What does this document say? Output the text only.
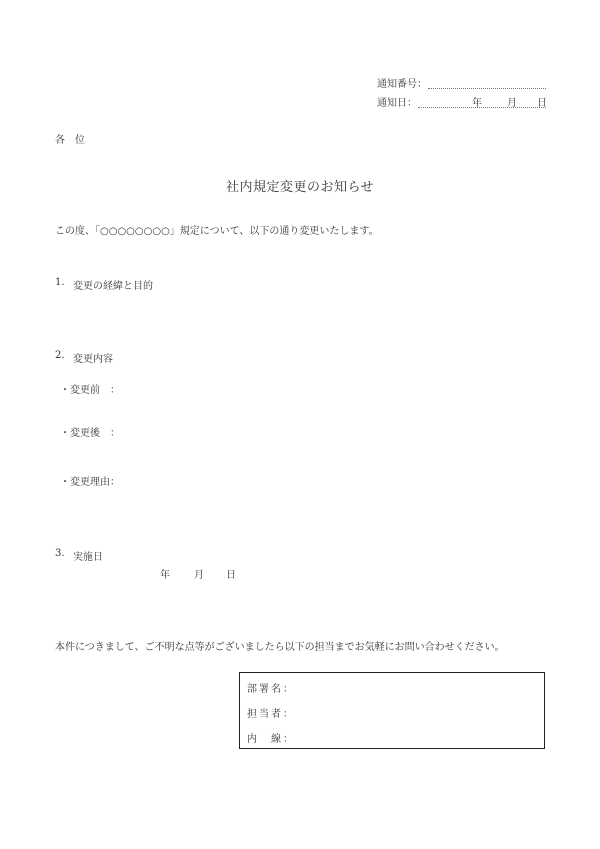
通知番号：
通知日：	年	月 日
各　位
社内規定変更のお知らせ
この度、「○○○○○○○○」規定について、以下の通り変更いたします。
1. 変更の経緯と目的
2. 変更内容
・変更前　：
・変更後　：
・変更理由：
3. 実施日
年 月 日
本件につきまして、ご不明な点等がございましたら以下の担当までお気軽にお問い合わせください。
部署名：
担当者：
内　線：
